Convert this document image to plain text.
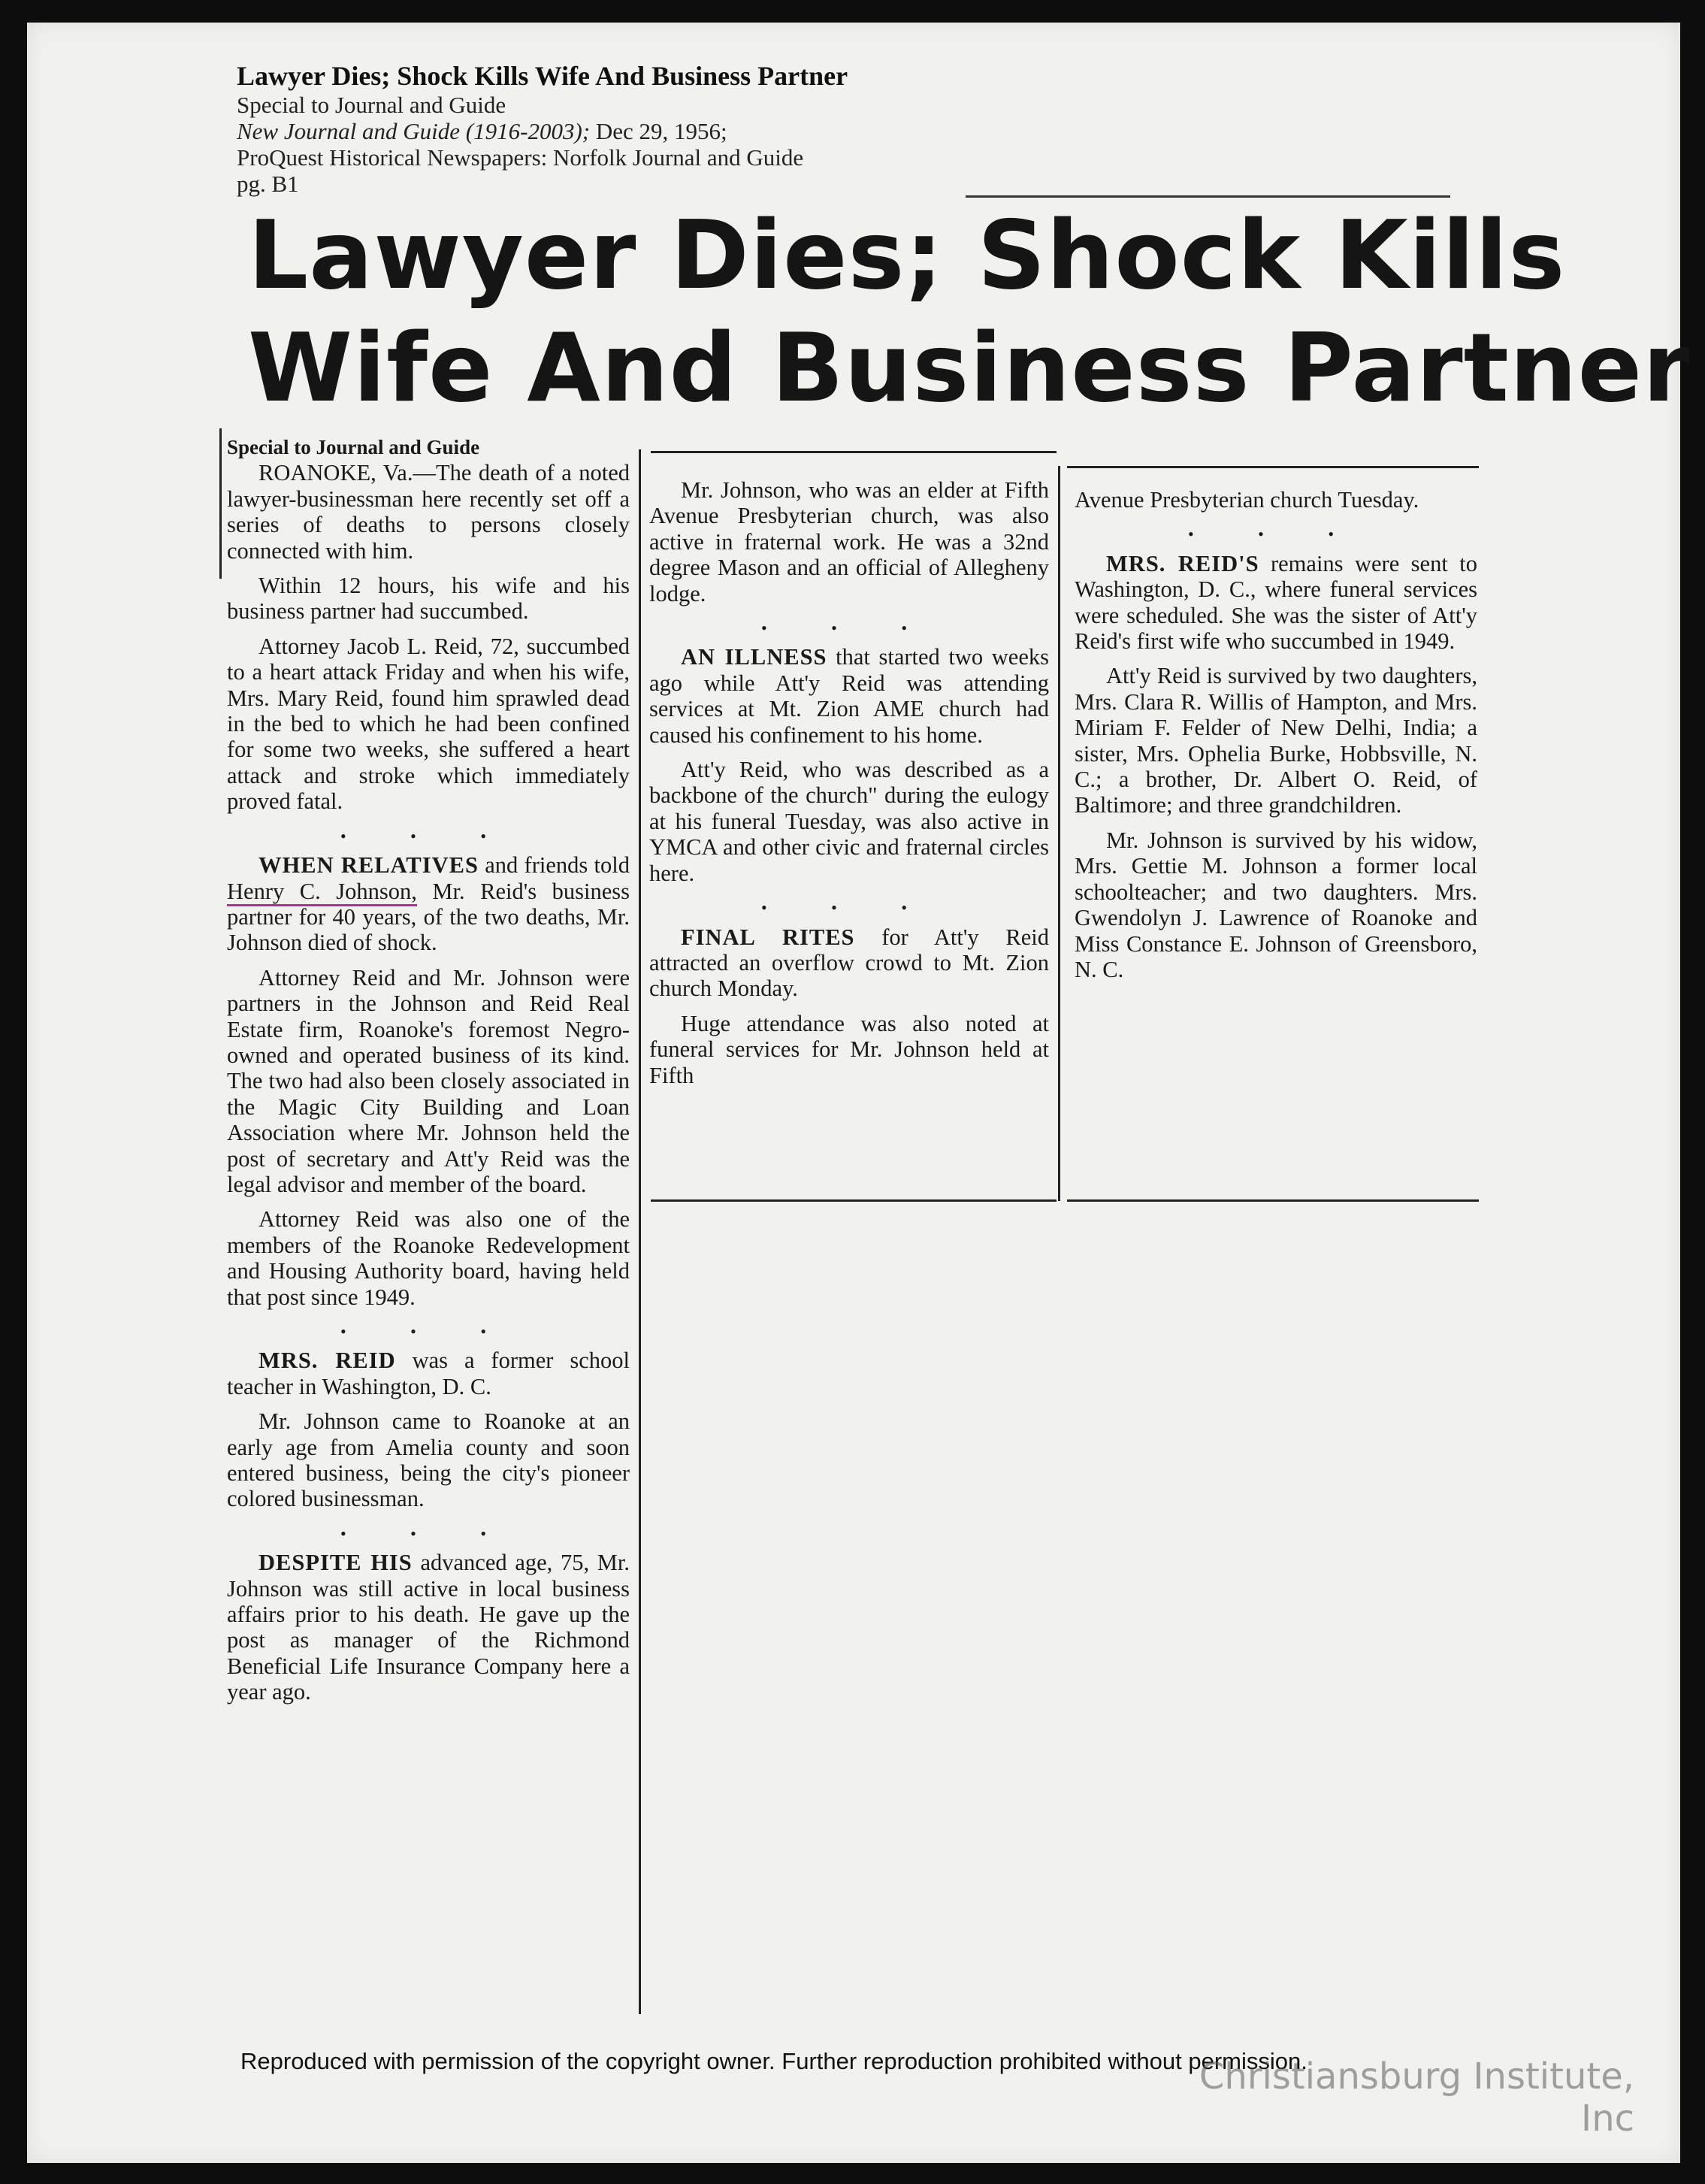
Lawyer Dies; Shock Kills Wife And Business Partner
Special to Journal and Guide
New Journal and Guide (1916-2003); Dec 29, 1956;
ProQuest Historical Newspapers: Norfolk Journal and Guide
pg. B1
Lawyer Dies; Shock Kills
Wife And Business Partner

Special to Journal and Guide
ROANOKE, Va.—The death of a noted lawyer-businessman here recently set off a series of deaths to persons closely connected with him.

Within 12 hours, his wife and his business partner had succumbed.

Attorney Jacob L. Reid, 72, succumbed to a heart attack Friday and when his wife, Mrs. Mary Reid, found him sprawled dead in the bed to which he had been confined for some two weeks, she suffered a heart attack and stroke which immediately proved fatal.

• • •

WHEN RELATIVES and friends told Henry C. Johnson, Mr. Reid's business partner for 40 years, of the two deaths, Mr. Johnson died of shock.

Attorney Reid and Mr. Johnson were partners in the Johnson and Reid Real Estate firm, Roanoke's foremost Negro-owned and operated business of its kind. The two had also been closely associated in the Magic City Building and Loan Association where Mr. Johnson held the post of secretary and Att'y Reid was the legal advisor and member of the board.

Attorney Reid was also one of the members of the Roanoke Redevelopment and Housing Authority board, having held that post since 1949.

• • •

MRS. REID was a former school teacher in Washington, D. C.

Mr. Johnson came to Roanoke at an early age from Amelia county and soon entered business, being the city's pioneer colored businessman.

• • •

DESPITE HIS advanced age, 75, Mr. Johnson was still active in local business affairs prior to his death. He gave up the post as manager of the Richmond Beneficial Life Insurance Company here a year ago.

Mr. Johnson, who was an elder at Fifth Avenue Presbyterian church, was also active in fraternal work. He was a 32nd degree Mason and an official of Allegheny lodge.

• • •

AN ILLNESS that started two weeks ago while Att'y Reid was attending services at Mt. Zion AME church had caused his confinement to his home.

Att'y Reid, who was described as a backbone of the church" during the eulogy at his funeral Tuesday, was also active in YMCA and other civic and fraternal circles here.

• • •

FINAL RITES for Att'y Reid attracted an overflow crowd to Mt. Zion church Monday.

Huge attendance was also noted at funeral services for Mr. Johnson held at Fifth

Avenue Presbyterian church Tuesday.

• • •

MRS. REID'S remains were sent to Washington, D. C., where funeral services were scheduled. She was the sister of Att'y Reid's first wife who succumbed in 1949.

Att'y Reid is survived by two daughters, Mrs. Clara R. Willis of Hampton, and Mrs. Miriam F. Felder of New Delhi, India; a sister, Mrs. Ophelia Burke, Hobbsville, N. C.; a brother, Dr. Albert O. Reid, of Baltimore; and three grandchildren.

Mr. Johnson is survived by his widow, Mrs. Gettie M. Johnson a former local schoolteacher; and two daughters. Mrs. Gwendolyn J. Lawrence of Roanoke and Miss Constance E. Johnson of Greensboro, N. C.

Reproduced with permission of the copyright owner. Further reproduction prohibited without permission.
Christiansburg Institute, Inc
